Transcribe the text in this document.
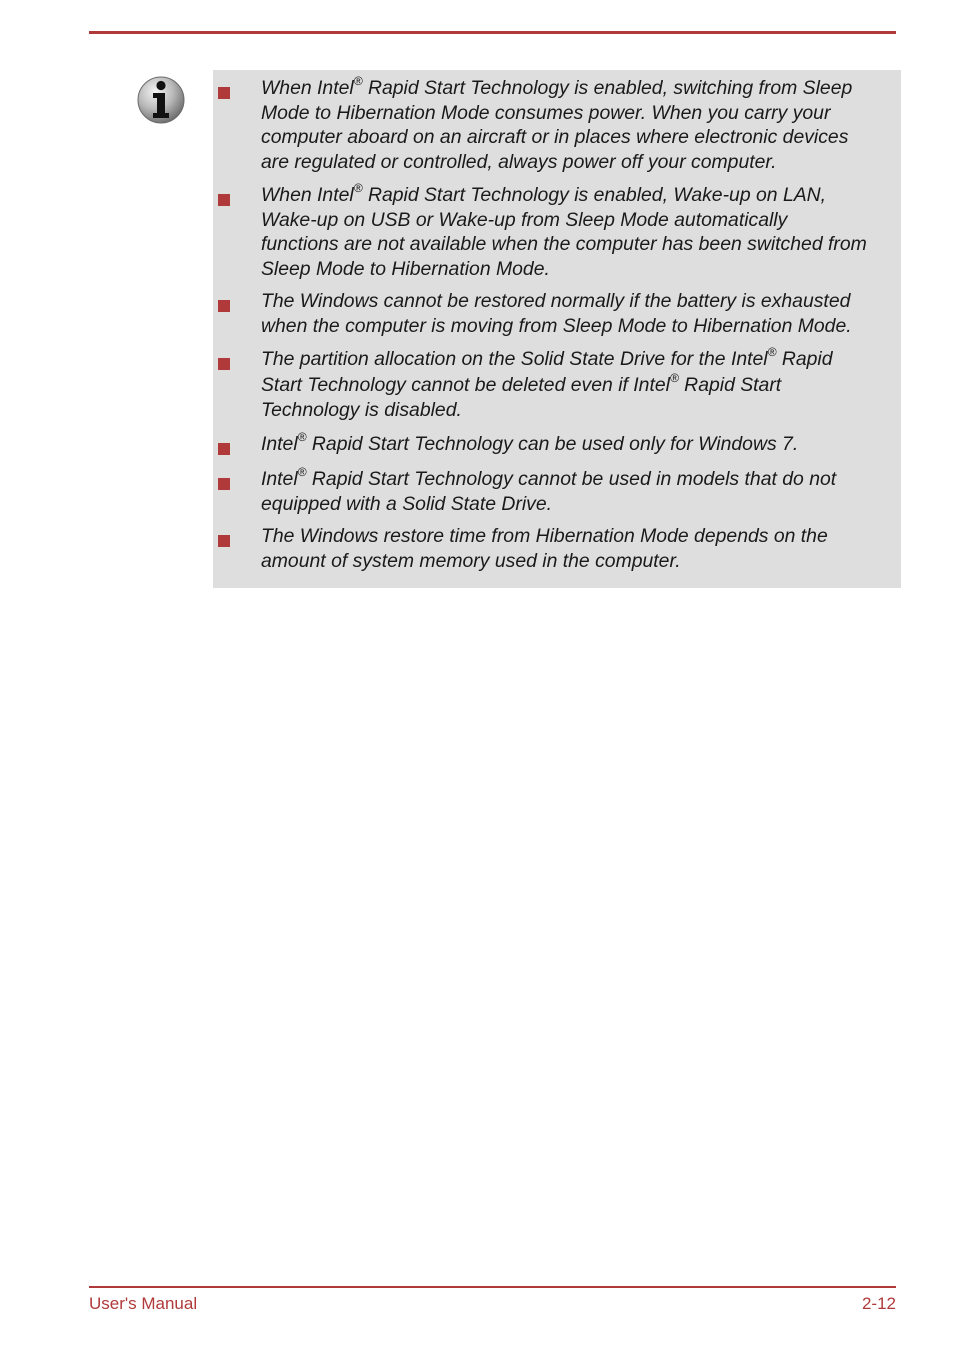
When Intel® Rapid Start Technology is enabled, switching from Sleep
Mode to Hibernation Mode consumes power. When you carry your
computer aboard on an aircraft or in places where electronic devices
are regulated or controlled, always power off your computer.
When Intel® Rapid Start Technology is enabled, Wake-up on LAN,
Wake-up on USB or Wake-up from Sleep Mode automatically
functions are not available when the computer has been switched from
Sleep Mode to Hibernation Mode.
The Windows cannot be restored normally if the battery is exhausted
when the computer is moving from Sleep Mode to Hibernation Mode.
The partition allocation on the Solid State Drive for the Intel® Rapid
Start Technology cannot be deleted even if Intel® Rapid Start
Technology is disabled.
Intel® Rapid Start Technology can be used only for Windows 7.
Intel® Rapid Start Technology cannot be used in models that do not
equipped with a Solid State Drive.
The Windows restore time from Hibernation Mode depends on the
amount of system memory used in the computer.
User's Manual	2-12
